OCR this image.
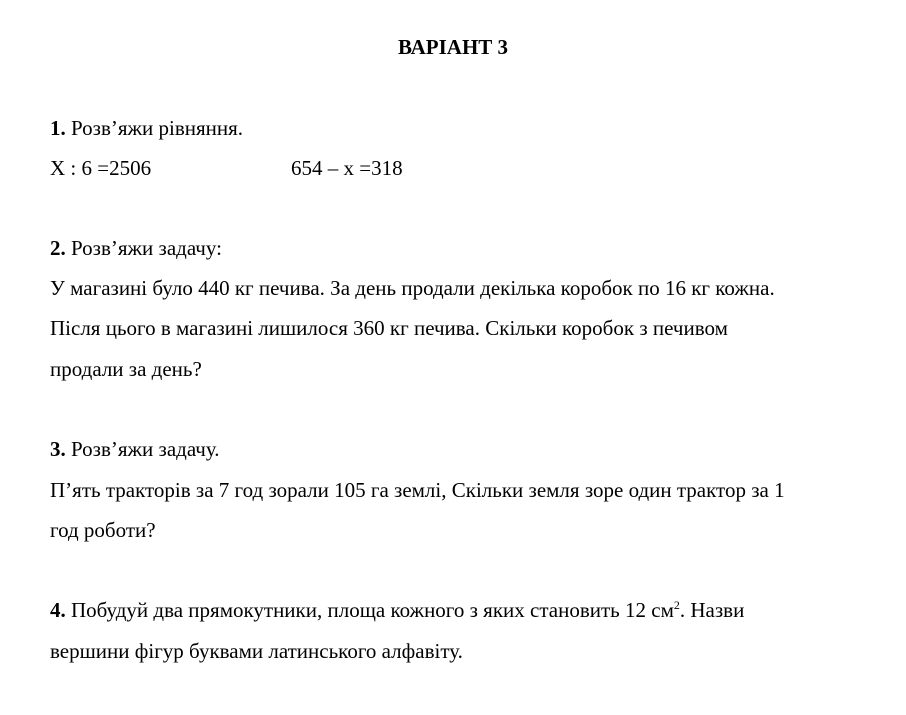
ВАРІАНТ 3
1. Розв’яжи рівняння.
X : 6 =2506	654 – x =318
2. Розв’яжи задачу:
У магазині було 440 кг печива. За день продали декілька коробок по 16 кг кожна.
Після цього в магазині лишилося 360 кг печива. Скільки коробок з печивом
продали за день?
3. Розв’яжи задачу.
П’ять тракторів за 7 год зорали 105 га землі, Скільки земля зоре один трактор за 1
год роботи?
4. Побудуй два прямокутники, площа кожного з яких становить 12 $см^2$. Назви
вершини фігур буквами латинського алфавіту.
